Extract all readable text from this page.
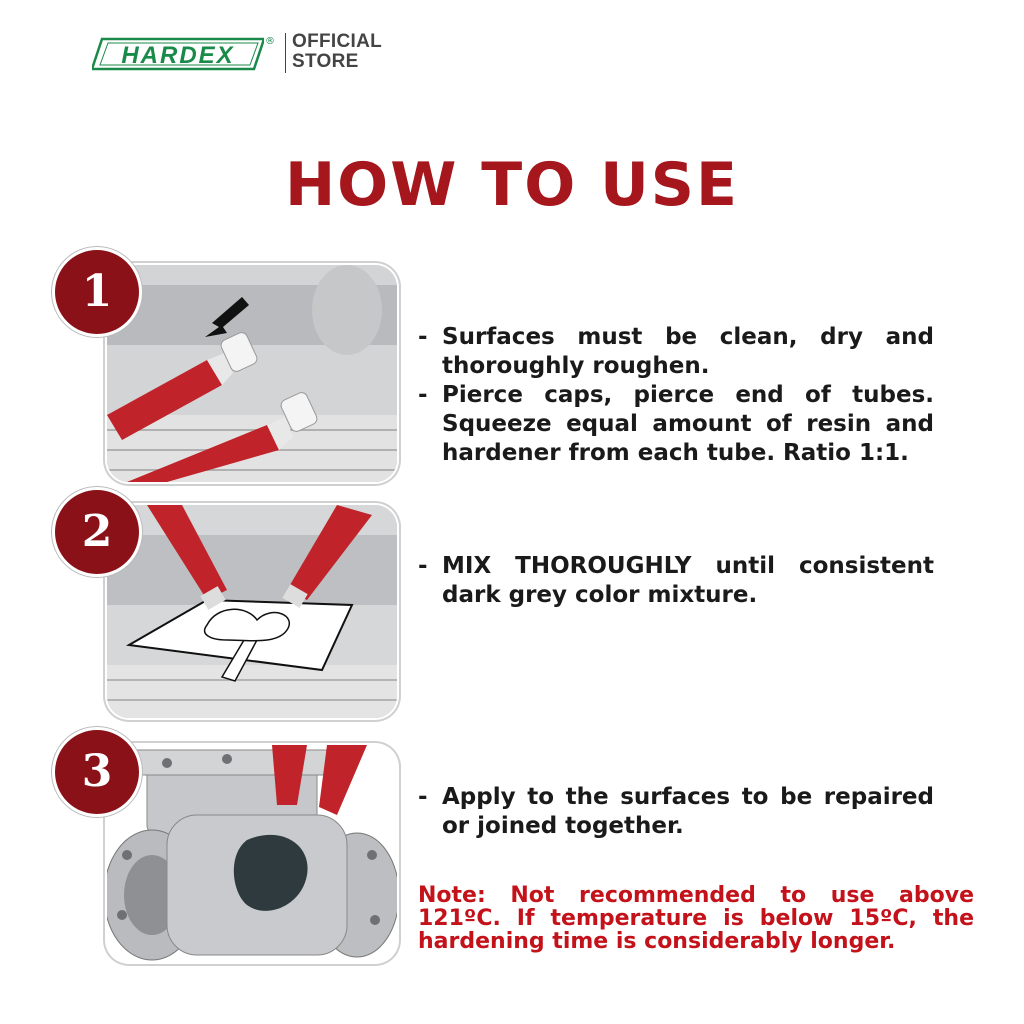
HARDEX
® OFFICIAL
STORE
HOW TO USE
1
- Surfaces must be clean, dry and thoroughly roughen.
- Pierce caps, pierce end of tubes. Squeeze equal amount of resin and hardener from each tube. Ratio 1:1.
2
- MIX THOROUGHLY until consistent dark grey color mixture.
3	- Apply to the surfaces to be repaired or joined together.
Note: Not recommended to use above 121ºC. If temperature is below 15ºC, the hardening time is considerably longer.
